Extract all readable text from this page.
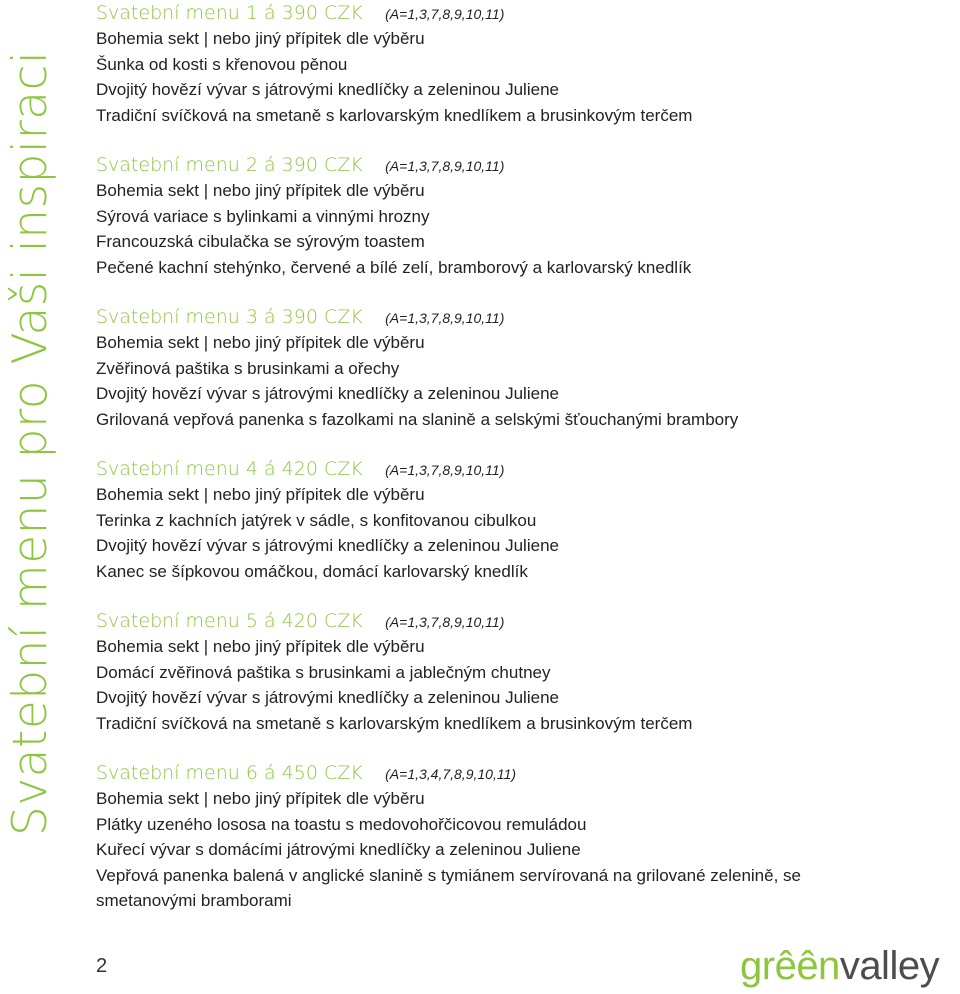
Svatební menu pro Vaši inspiraci
Svatební menu 1 á 390 CZK (A=1,3,7,8,9,10,11)
Bohemia sekt | nebo jiný přípitek dle výběru
Šunka od kosti s křenovou pěnou
Dvojitý hovězí vývar s játrovými knedlíčky a zeleninou Juliene
Tradiční svíčková na smetaně s karlovarským knedlíkem a brusinkovým terčem
Svatební menu 2 á 390 CZK (A=1,3,7,8,9,10,11)
Bohemia sekt | nebo jiný přípitek dle výběru
Sýrová variace s bylinkami a vinnými hrozny
Francouzská cibulačka se sýrovým toastem
Pečené kachní stehýnko, červené a bílé zelí, bramborový a karlovarský knedlík
Svatební menu 3 á 390 CZK (A=1,3,7,8,9,10,11)
Bohemia sekt | nebo jiný přípitek dle výběru
Zvěřinová paštika s brusinkami a ořechy
Dvojitý hovězí vývar s játrovými knedlíčky a zeleninou Juliene
Grilovaná vepřová panenka s fazolkami na slanině a selskými šťouchanými brambory
Svatební menu 4 á 420 CZK (A=1,3,7,8,9,10,11)
Bohemia sekt | nebo jiný přípitek dle výběru
Terinka z kachních jatýrek v sádle, s konfitovanou cibulkou
Dvojitý hovězí vývar s játrovými knedlíčky a zeleninou Juliene
Kanec se šípkovou omáčkou, domácí karlovarský knedlík
Svatební menu 5 á 420 CZK (A=1,3,7,8,9,10,11)
Bohemia sekt | nebo jiný přípitek dle výběru
Domácí zvěřinová paštika s brusinkami a jablečným chutney
Dvojitý hovězí vývar s játrovými knedlíčky a zeleninou Juliene
Tradiční svíčková na smetaně s karlovarským knedlíkem a brusinkovým terčem
Svatební menu 6 á 450 CZK (A=1,3,4,7,8,9,10,11)
Bohemia sekt | nebo jiný přípitek dle výběru
Plátky uzeného lososa na toastu s medovohořčicovou remuládou
Kuřecí vývar s domácími játrovými knedlíčky a zeleninou Juliene
Vepřová panenka balená v anglické slanině s tymiánem servírovaná na grilované zelenině, se
smetanovými bramborami
2	grêênvalley
